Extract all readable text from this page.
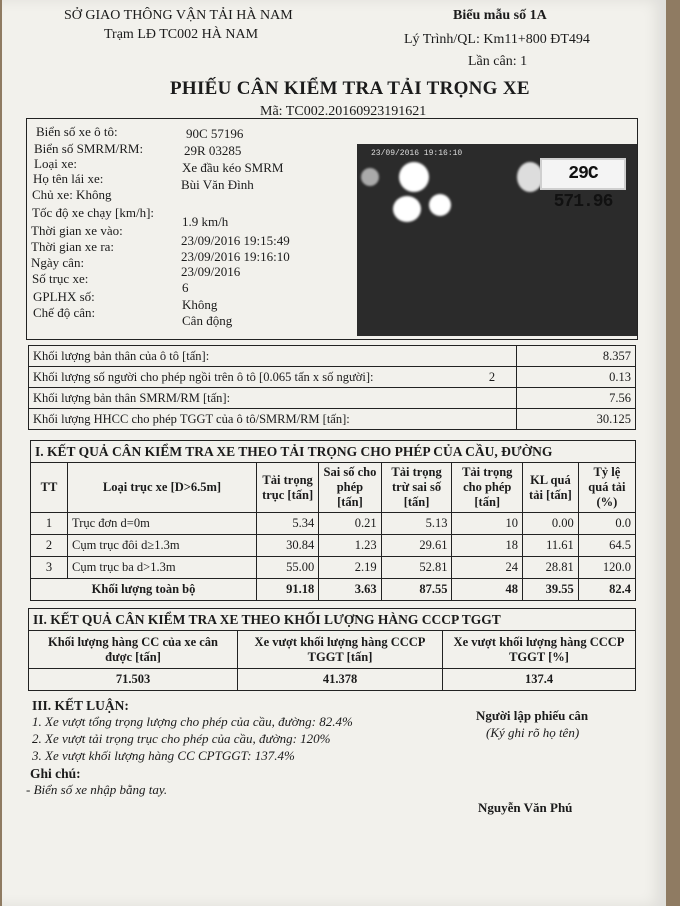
SỞ GIAO THÔNG VẬN TẢI HÀ NAM
Trạm LĐ TC002 HÀ NAM
Biểu mẫu số 1A
Lý Trình/QL: Km11+800 ĐT494
Lần cân: 1
PHIẾU CÂN KIỂM TRA TẢI TRỌNG XE
Mã: TC002.20160923191621
Biển số xe ô tô:	90C 57196
Biển số SMRM/RM:	29R 03285
Loại xe:	Xe đầu kéo SMRM
Họ tên lái xe:	Bùi Văn Đình
Chủ xe: Không
Tốc độ xe chạy [km/h]:
1.9 km/h
Thời gian xe vào:
23/09/2016 19:15:49
Thời gian xe ra:
23/09/2016 19:16:10
Ngày cân:
23/09/2016
Số trục xe:
6
GPLHX số:
Không
Chế độ cân:
Cân động
23/09/2016 19:16:10
29C 571.96
Khối lượng bản thân của ô tô [tấn]:		8.357
Khối lượng số người cho phép ngồi trên ô tô [0.065 tấn x số người]:	2	0.13
Khối lượng bản thân SMRM/RM [tấn]:		7.56
Khối lượng HHCC cho phép TGGT của ô tô/SMRM/RM [tấn]:		30.125
I. KẾT QUẢ CÂN KIỂM TRA XE THEO TẢI TRỌNG CHO PHÉP CỦA CẦU, ĐƯỜNG							
TT	Loại trục xe [D>6.5m]	Tải trọng trục [tấn]	Sai số cho phép [tấn]	Tải trọng trừ sai số [tấn]	Tải trọng cho phép [tấn]	KL quá tải [tấn]	Tỷ lệ quá tải (%)
1	Trục đơn d=0m	5.34	0.21	5.13	10	0.00	0.0
2	Cụm trục đôi d≥1.3m	30.84	1.23	29.61	18	11.61	64.5
3	Cụm trục ba d>1.3m	55.00	2.19	52.81	24	28.81	120.0
Khối lượng toàn bộ		91.18	3.63	87.55	48	39.55	82.4
II. KẾT QUẢ CÂN KIỂM TRA XE THEO KHỐI LƯỢNG HÀNG CCCP TGGT		
Khối lượng hàng CC của xe cân được [tấn]	Xe vượt khối lượng hàng CCCP TGGT [tấn]	Xe vượt khối lượng hàng CCCP TGGT [%]
71.503	41.378	137.4
III. KẾT LUẬN:
1. Xe vượt tổng trọng lượng cho phép của cầu, đường: 82.4%
2. Xe vượt tải trọng trục cho phép của cầu, đường: 120%
3. Xe vượt khối lượng hàng CC CPTGGT: 137.4%
Ghi chú:
- Biển số xe nhập bằng tay.
Người lập phiếu cân
(Ký ghi rõ họ tên)
Nguyễn Văn Phú
